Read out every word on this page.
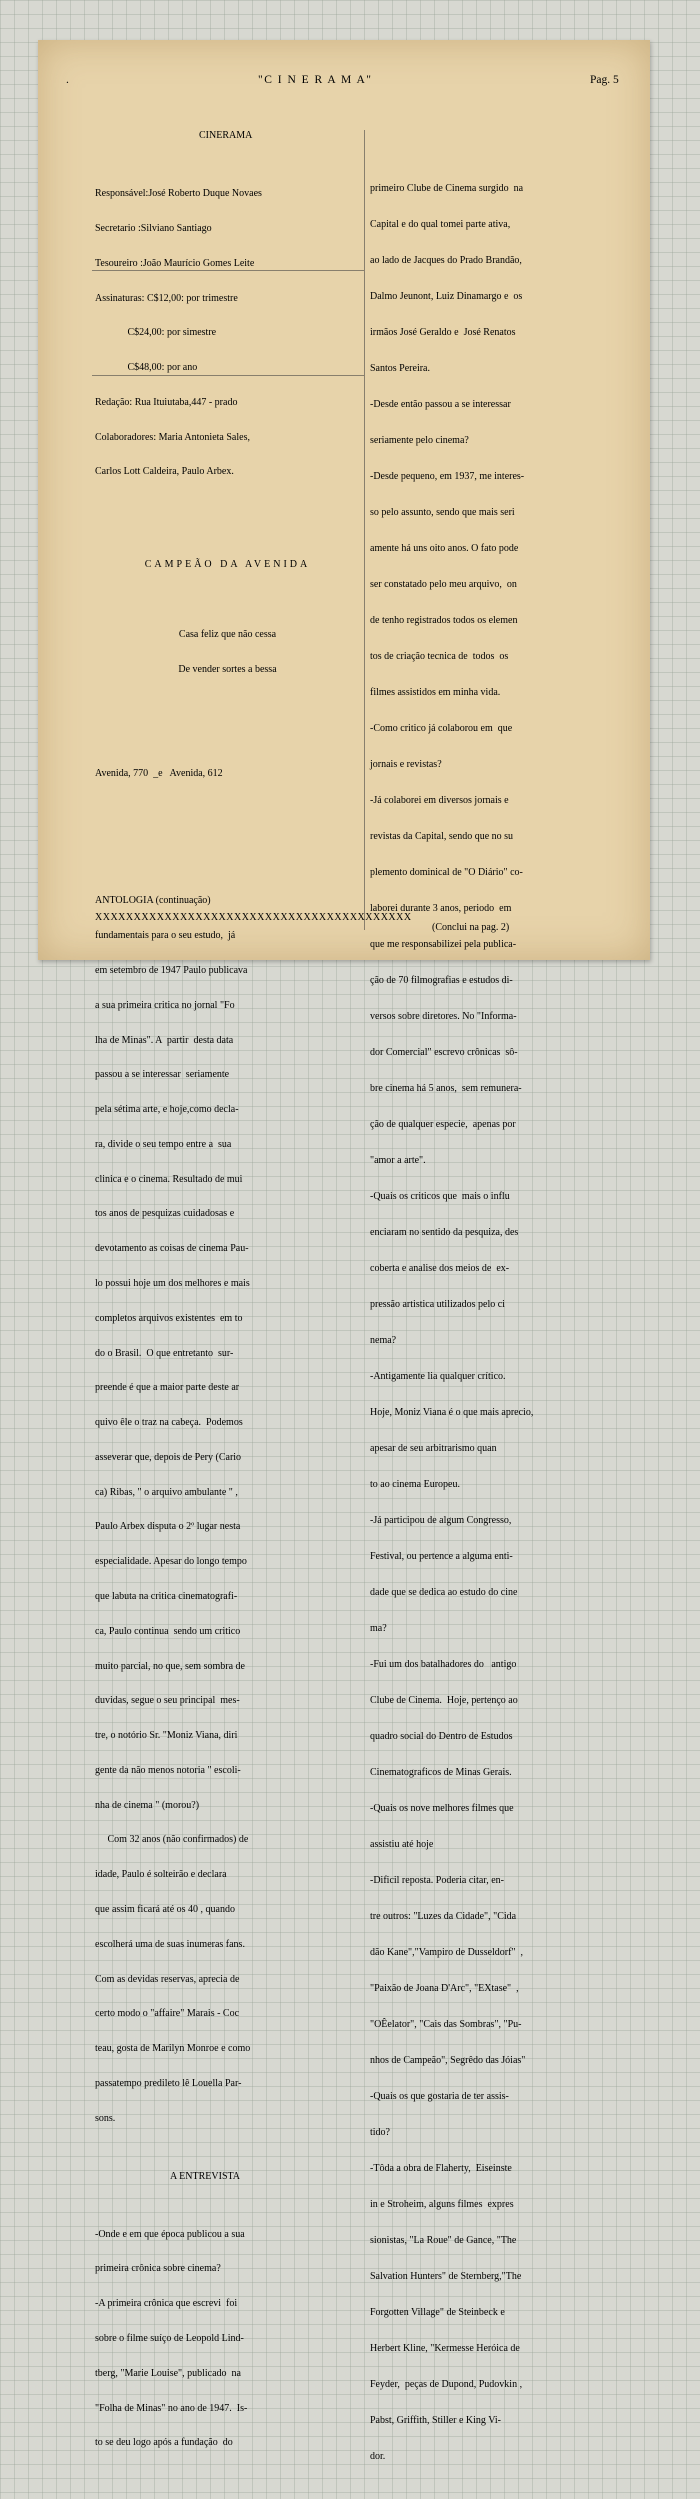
.	"C I N E R A M A"	Pag. 5

CINERAMA

Responsável:José Roberto Duque Novaes

Secretario :Silviano Santiago

Tesoureiro :João Maurício Gomes Leite

Assinaturas: C$12,00: por trimestre

C$24,00: por simestre

C$48,00: por ano

Redação: Rua Ituiutaba,447 - prado

Colaboradores: Maria Antonieta Sales,

Carlos Lott Caldeira, Paulo Arbex.

CAMPEÃO DA AVENIDA

Casa feliz que não cessa

De vender sortes a bessa

Avenida, 770  _e   Avenida, 612

ANTOLOGIA (continuação)

fundamentais para o seu estudo,  já

em setembro de 1947 Paulo publicava

a sua primeira critica no jornal "Fo

lha de Minas". A  partir  desta data

passou a se interessar  seriamente

pela sétima arte, e hoje,como decla-

ra, divide o seu tempo entre a  sua

clinica e o cinema. Resultado de mui

tos anos de pesquizas cuidadosas e

devotamento as coisas de cinema Pau-

lo possui hoje um dos melhores e mais

completos arquivos existentes  em to

do o Brasil.  O que entretanto  sur-

preende é que a maior parte deste ar

quivo êle o traz na cabeça.  Podemos

asseverar que, depois de Pery (Cario

ca) Ribas, " o arquivo ambulante " ,

Paulo Arbex disputa o 2º lugar nesta

especialidade. Apesar do longo tempo

que labuta na critica cinematografi-

ca, Paulo continua  sendo um critico

muito parcial, no que, sem sombra de

duvidas, segue o seu principal  mes-

tre, o notório Sr. "Moniz Viana, diri

gente da não menos notoria " escoli-

nha de cinema " (morou?)

Com 32 anos (não confirmados) de

idade, Paulo é solteirão e declara

que assim ficará até os 40 , quando

escolherá uma de suas inumeras fans.

Com as devidas reservas, aprecia de

certo modo o "affaire" Marais - Coc

teau, gosta de Marilyn Monroe e como

passatempo predileto lê Louella Par-

sons.

A ENTREVISTA

-Onde e em que época publicou a sua

primeira crônica sobre cinema?

-A primeira crônica que escrevi  foi

sobre o filme suíço de Leopold Lind-

tberg, "Marie Louise", publicado  na

"Folha de Minas" no ano de 1947.  Is-

to se deu logo após a fundação  do

primeiro Clube de Cinema surgido  na

Capital e do qual tomei parte ativa,

ao lado de Jacques do Prado Brandão,

Dalmo Jeunont, Luiz Dinamargo e  os

irmãos José Geraldo e  José Renatos

Santos Pereira.

-Desde então passou a se interessar

seriamente pelo cinema?

-Desde pequeno, em 1937, me interes-

so pelo assunto, sendo que mais seri

amente há uns oito anos. O fato pode

ser constatado pelo meu arquivo,  on

de tenho registrados todos os elemen

tos de criação tecnica de  todos  os

filmes assistidos em minha vida.

-Como critico já colaborou em  que

jornais e revistas?

-Já colaborei em diversos jornais e

revistas da Capital, sendo que no su

plemento dominical de "O Diário" co-

laborei durante 3 anos, periodo  em

que me responsabilizei pela publica-

ção de 70 filmografias e estudos di-

versos sobre diretores. No "Informa-

dor Comercial" escrevo crônicas  sô-

bre cinema há 5 anos,  sem remunera-

ção de qualquer especie,  apenas por

"amor a arte".

-Quais os criticos que  mais o influ

enciaram no sentido da pesquiza, des

coberta e analise dos meios de  ex-

pressão artistica utilizados pelo ci

nema?

-Antigamente lia qualquer crítico.

Hoje, Moniz Viana é o que mais aprecio,

apesar de seu arbitrarismo quan

to ao cinema Europeu.

-Já participou de algum Congresso,

Festival, ou pertence a alguma enti-

dade que se dedica ao estudo do cine

ma?

-Fui um dos batalhadores do   antigo

Clube de Cinema.  Hoje, pertenço ao

quadro social do Dentro de Estudos

Cinematograficos de Minas Gerais.

-Quais os nove melhores filmes que

assistiu até hoje

-Dificil reposta. Poderia citar, en-

tre outros: "Luzes da Cidade", "Cida

dão Kane","Vampiro de Dusseldorf"  ,

"Paixão de Joana D'Arc", "EXtase"  ,

"OÊelator", "Cais das Sombras", "Pu-

nhos de Campeão", Segrêdo das Jóias"

-Quais os que gostaria de ter assis-

tido?

-Tôda a obra de Flaherty,  Eiseinste

in e Stroheim, alguns filmes  expres

sionistas, "La Roue" de Gance, "The

Salvation Hunters" de Sternberg,"The

Forgotten Village" de Steinbeck e

Herbert Kline, "Kermesse Heróica de

Feyder,  peças de Dupond, Pudovkin ,

Pabst, Griffith, Stiller e King Vi-

dor.

XXXXXXXXXXXXXXXXXXXXXXXXXXXXXXXXXXXXXXXXX
(Conclui na pag. 2)
